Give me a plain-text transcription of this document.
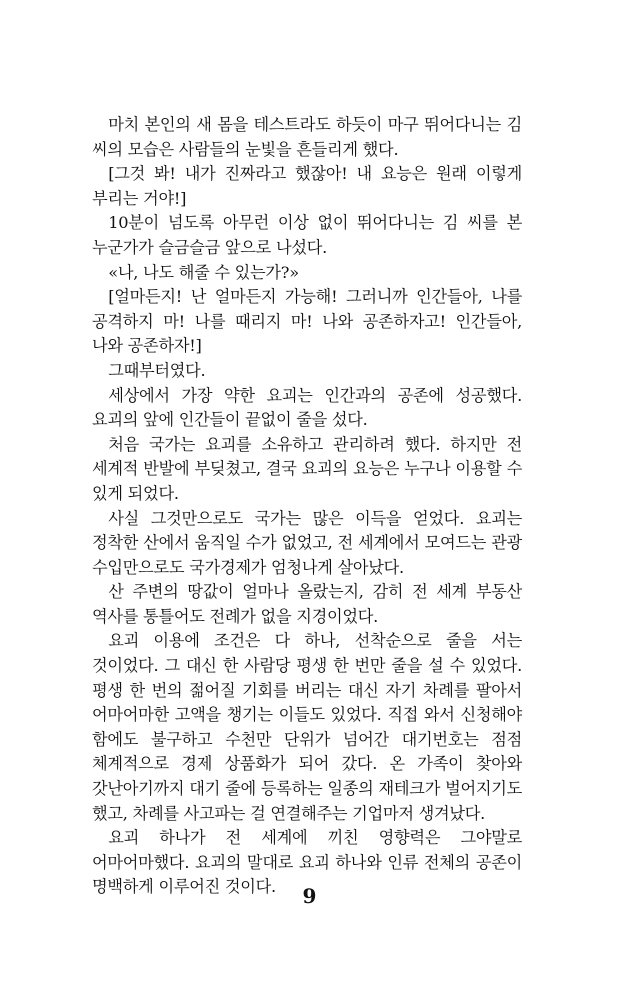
마치 본인의 새 몸을 테스트라도 하듯이 마구 뛰어다니는 김 씨의 모습은 사람들의 눈빛을 흔들리게 했다.

[그것 봐! 내가 진짜라고 했잖아! 내 요능은 원래 이렇게 부리는 거야!]

10분이 넘도록 아무런 이상 없이 뛰어다니는 김 씨를 본 누군가가 슬금슬금 앞으로 나섰다.

«나, 나도 해줄 수 있는가?»

[얼마든지! 난 얼마든지 가능해! 그러니까 인간들아, 나를 공격하지 마! 나를 때리지 마! 나와 공존하자고! 인간들아, 나와 공존하자!]

그때부터였다.

세상에서 가장 약한 요괴는 인간과의 공존에 성공했다. 요괴의 앞에 인간들이 끝없이 줄을 섰다.

처음 국가는 요괴를 소유하고 관리하려 했다. 하지만 전 세계적 반발에 부딪쳤고, 결국 요괴의 요능은 누구나 이용할 수 있게 되었다.

사실 그것만으로도 국가는 많은 이득을 얻었다. 요괴는 정착한 산에서 움직일 수가 없었고, 전 세계에서 모여드는 관광 수입만으로도 국가경제가 엄청나게 살아났다.

산 주변의 땅값이 얼마나 올랐는지, 감히 전 세계 부동산 역사를 통틀어도 전례가 없을 지경이었다.

요괴 이용에 조건은 다 하나, 선착순으로 줄을 서는 것이었다. 그 대신 한 사람당 평생 한 번만 줄을 설 수 있었다. 평생 한 번의 젊어질 기회를 버리는 대신 자기 차례를 팔아서 어마어마한 고액을 챙기는 이들도 있었다. 직접 와서 신청해야 함에도 불구하고 수천만 단위가 넘어간 대기번호는 점점 체계적으로 경제 상품화가 되어 갔다. 온 가족이 찾아와 갓난아기까지 대기 줄에 등록하는 일종의 재테크가 벌어지기도 했고, 차례를 사고파는 걸 연결해주는 기업마저 생겨났다.

요괴 하나가 전 세계에 끼친 영향력은 그야말로 어마어마했다. 요괴의 말대로 요괴 하나와 인류 전체의 공존이 명백하게 이루어진 것이다.	9
